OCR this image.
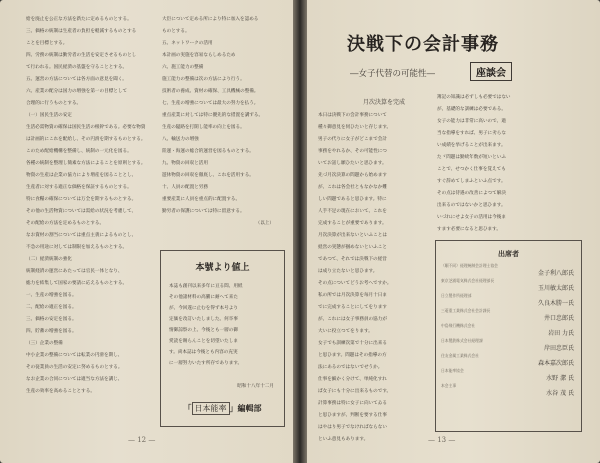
給を廃止を公正な方法を新たに定めるものとする。

三、価格の統制は生産者の負担を軽減するものとする

ことを目標とする。

四、労務の統制は勤労者の生活を安定させるものとし

て行われる。国民経済の基盤を守ることとする。

五、運営の方法については各方面の意見を聞く。

六、産業の配分は国力の増強を第一の目標として

合理的に行うものとする。

（一）国民生活の安定

生活必需物資の確保は国民生活の根幹である。必要な物資

は計画的にこれを配給し、その円滑を期するものとする。

このため配給機構を整備し、統制の一元化を図る。

各種の統制を整理し簡素な方法によることを原則とする。

物資の生産は企業の協力により増産を図ることとし、

生産者に対する適正な価格を保証するものとする。

特に食糧の確保については万全を期するものとする。

その他の生活物資については需給の状況を考慮して、

その配給の方法を定めるものとする。

なお資材の割当については重点主義によるものとし、

不急の用途に対しては制限を加えるものとする。

（二）経済統制の強化

統制経済の運営にあたっては官民一体となり、

総力を結集して国家の要請に応えるものとする。

一、生産の増強を図る。

二、配給の適正を図る。

三、価格の安定を図る。

四、貯蓄の増強を図る。

（三）企業の整備

中小企業の整備については転業の円滑を期し、

その従業員の生活の安定に努めるものとする。

なお企業の合同については適当な方法を講じ、

生産の効率を高めることとする。

大臣について定める所により特に加入を認める

ものとする。

五、ネットワークの活用

本計画の実施を容易ならしめるため

六、施工能力の整備

施工能力の整備は次の方法により行う。

技術者の養成、資材の確保、工具機械の整備。

七、生産の増強については最大の努力を払う。

重点産業に対しては特に優先的な措置を講ずる。

生産の隘路を打開し能率の向上を図る。

八、輸送力の増強

陸運・海運の総合的運営を図るものとする。

九、物資の回収と活用

遊休物資の回収を徹底し、これを活用する。

十、人員の配置と労務

重要産業に人員を重点的に配置する。

勤労者の保護については特に留意する。

（以上）

本號より値上

本誌も創刊以来多年に亘る間、用紙

その他諸材料の高騰に耐へて来た

が、今回遂に止むを得ず本号より

定価を改訂いたしました。何卒事

情御諒察の上、今後とも一層の御

愛読を賜らんことを切望いたしま

す。尚本誌は今後とも内容の充実

に一層努力いたす所存であります。

昭和十八年十二月
「 日本能率 」編輯部
— 12 —
決戦下の会計事務
―女子代替の可能性―	座談会
月次決算を完成

本日は決戦下の会計事務について

種々御意見を伺ひたいと存じます。

男子の代りに女子がどこまで会計

事務をやれるか、その可能性につ

いてお話し願ひたいと思ひます。

先づ月次決算の問題から始めます

が、これは各会社ともなかなか難

しい問題であると思ひます。特に

人手不足の現在において、これを

完成することが重要であります。

月次決算が出来ないといふことは

経営の実態が掴めないといふこと

であつて、それでは決戦下の経営

は成り立たないと思ひます。

その点についてどうお考へですか。

私の所では月次決算を毎月十日ま

でに完成することにしてをります

が、これには女子事務員の協力が

大いに役立つてをります。

女子でも訓練次第で十分に出来る

と思ひます。問題はその指導の方

法にあるのではないでせうか。

仕事を細かく分けて、単純化すれ

ば女子にも十分に出来るものです。

計算事務は特に女子に向いてゐる

と思ひますが、判断を要する仕事

はやはり男子でなければならない

といふ意見もあります。

簿記の知識は必ずしも必要ではない

が、基礎的な訓練は必要である。

女子の能力は非常に高いので、適

当な指導をすれば、男子に劣らな

い成績を挙げることが出来ます。

たゞ問題は勤続年数が短いといふ

ことで、せつかく仕事を覚えても

すぐ辞めてしまふといふ点です。

その点は待遇の改善によつて解決

出来るのではないかと思ひます。

いづれにせよ女子の活用は今後ま

すます必要になると思ひます。

出席者
（順不同）経理統制会計理士協会
金子利八郎氏
東京芝浦電気株式会社経理部長
玉川敏太郎氏
日立製作所経理部
久良木勝一氏
三菱重工業株式会社会計課長
井口忠郎氏
中島飛行機株式会社
岩田 力氏
日本製鉄株式会社経理課
岸田忠臣氏
住友金属工業株式会社
森本嘉次郎氏
日本能率協会
水野 潔 氏
本会主事
水谷 茂 氏
— 13 —
